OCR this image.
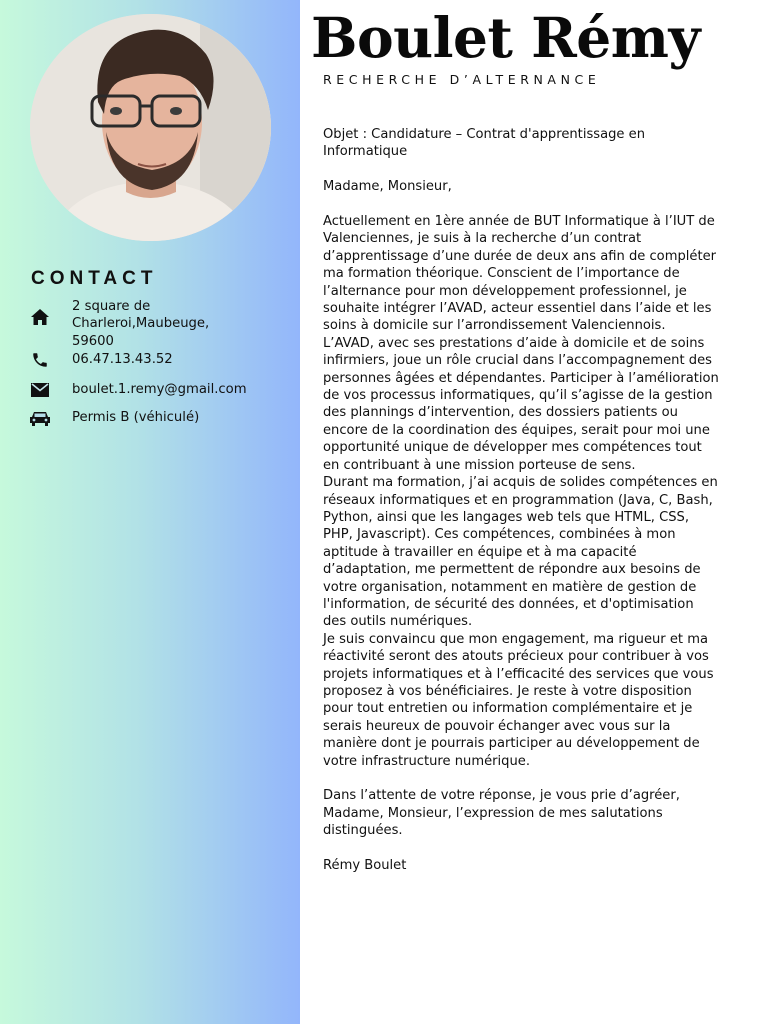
CONTACT
2 square de
Charleroi,Maubeuge,
59600
06.47.13.43.52
boulet.1.remy@gmail.com
Permis B (véhiculé)
Boulet Rémy
RECHERCHE D’ALTERNANCE

Objet : Candidature – Contrat d'apprentissage en
Informatique

Madame, Monsieur,

Actuellement en 1ère année de BUT Informatique à l’IUT de
Valenciennes, je suis à la recherche d’un contrat
d’apprentissage d’une durée de deux ans afin de compléter
ma formation théorique. Conscient de l’importance de
l’alternance pour mon développement professionnel, je
souhaite intégrer l’AVAD, acteur essentiel dans l’aide et les
soins à domicile sur l’arrondissement Valenciennois.

L’AVAD, avec ses prestations d’aide à domicile et de soins
infirmiers, joue un rôle crucial dans l’accompagnement des
personnes âgées et dépendantes. Participer à l’amélioration
de vos processus informatiques, qu’il s’agisse de la gestion
des plannings d’intervention, des dossiers patients ou
encore de la coordination des équipes, serait pour moi une
opportunité unique de développer mes compétences tout
en contribuant à une mission porteuse de sens.

Durant ma formation, j’ai acquis de solides compétences en
réseaux informatiques et en programmation (Java, C, Bash,
Python, ainsi que les langages web tels que HTML, CSS,
PHP, Javascript). Ces compétences, combinées à mon
aptitude à travailler en équipe et à ma capacité
d’adaptation, me permettent de répondre aux besoins de
votre organisation, notamment en matière de gestion de
l'information, de sécurité des données, et d'optimisation
des outils numériques.

Je suis convaincu que mon engagement, ma rigueur et ma
réactivité seront des atouts précieux pour contribuer à vos
projets informatiques et à l’efficacité des services que vous
proposez à vos bénéficiaires. Je reste à votre disposition
pour tout entretien ou information complémentaire et je
serais heureux de pouvoir échanger avec vous sur la
manière dont je pourrais participer au développement de
votre infrastructure numérique.

Dans l’attente de votre réponse, je vous prie d’agréer,
Madame, Monsieur, l’expression de mes salutations
distinguées.

Rémy Boulet
